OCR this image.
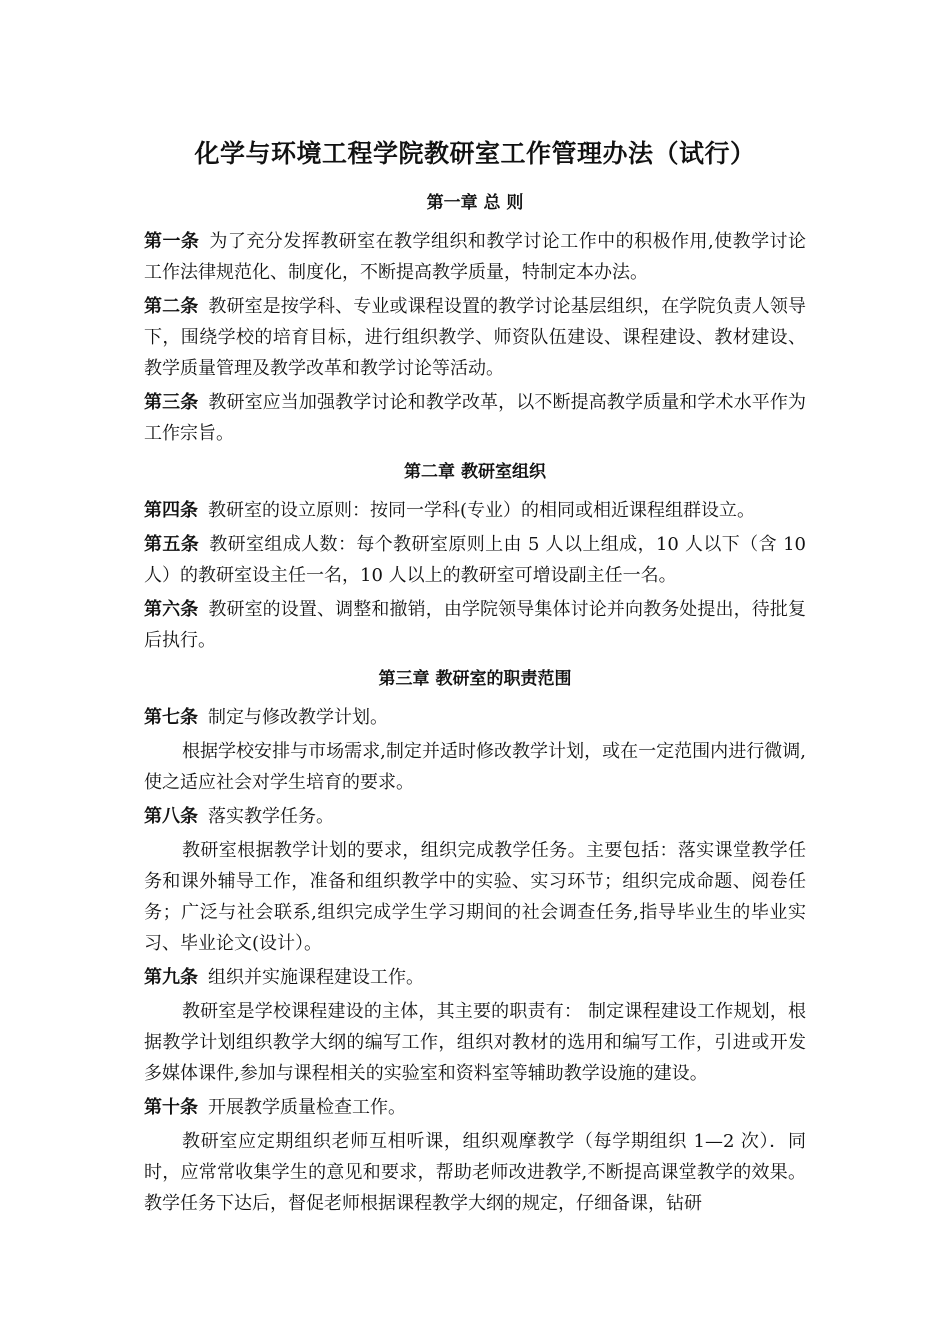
化学与环境工程学院教研室工作管理办法（试行）
第一章 总 则

第一条 为了充分发挥教研室在教学组织和教学讨论工作中的积极作用,使教学讨论工作法律规范化、制度化，不断提高教学质量，特制定本办法。

第二条 教研室是按学科、专业或课程设置的教学讨论基层组织，在学院负责人领导下，围绕学校的培育目标，进行组织教学、师资队伍建设、课程建设、教材建设、教学质量管理及教学改革和教学讨论等活动。

第三条 教研室应当加强教学讨论和教学改革，以不断提高教学质量和学术水平作为工作宗旨。

第二章 教研室组织

第四条 教研室的设立原则：按同一学科(专业）的相同或相近课程组群设立。

第五条 教研室组成人数：每个教研室原则上由 5 人以上组成，10 人以下（含 10 人）的教研室设主任一名，10 人以上的教研室可增设副主任一名。

第六条 教研室的设置、调整和撤销，由学院领导集体讨论并向教务处提出，待批复后执行。

第三章 教研室的职责范围

第七条 制定与修改教学计划。

根据学校安排与市场需求,制定并适时修改教学计划，或在一定范围内进行微调,使之适应社会对学生培育的要求。

第八条 落实教学任务。

教研室根据教学计划的要求，组织完成教学任务。主要包括：落实课堂教学任务和课外辅导工作，准备和组织教学中的实验、实习环节；组织完成命题、阅卷任务；广泛与社会联系,组织完成学生学习期间的社会调查任务,指导毕业生的毕业实习、毕业论文(设计）。

第九条 组织并实施课程建设工作。

教研室是学校课程建设的主体，其主要的职责有： 制定课程建设工作规划，根据教学计划组织教学大纲的编写工作，组织对教材的选用和编写工作，引进或开发多媒体课件,参加与课程相关的实验室和资料室等辅助教学设施的建设。

第十条 开展教学质量检查工作。

教研室应定期组织老师互相听课，组织观摩教学（每学期组织 1—2 次）．同时，应常常收集学生的意见和要求，帮助老师改进教学,不断提高课堂教学的效果。教学任务下达后，督促老师根据课程教学大纲的规定，仔细备课，钻研
